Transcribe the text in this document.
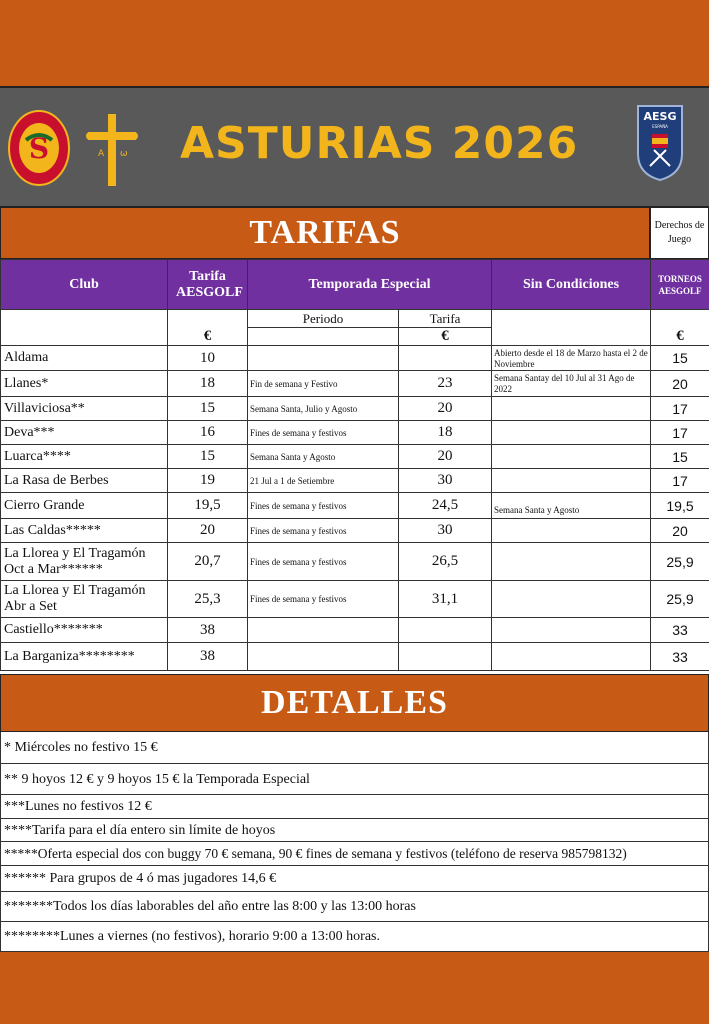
S	A ω ASTURIAS 2026
AESG
ESPAÑA
TARIFAS	Derechos de Juego
Club	Tarifa AESGOLF	Temporada Especial		Sin Condiciones	TORNEOS AESGOLF
		Periodo	Tarifa		
	€		€		€
Aldama	10			Abierto desde el 18 de Marzo hasta el 2 de Noviembre	15
Llanes*	18	Fin de semana y Festivo	23	Semana Santay del 10 Jul al 31 Ago de 2022	20
Villaviciosa**	15	Semana Santa, Julio y Agosto	20		17
Deva***	16	Fines de semana y festivos	18		17
Luarca****	15	Semana Santa y Agosto	20		15
La Rasa de Berbes	19	21 Jul a 1 de Setiembre	30		17
Cierro Grande	19,5	Fines de semana y festivos	24,5	Semana Santa y Agosto	19,5
Las Caldas*****	20	Fines de semana y festivos	30		20
La Llorea y El Tragamón Oct a Mar******	20,7	Fines de semana y festivos	26,5		25,9
La Llorea y El Tragamón Abr a Set	25,3	Fines de semana y festivos	31,1		25,9
Castiello*******	38				33
La Barganiza********	38				33
DETALLES
* Miércoles no festivo 15 €
** 9 hoyos 12 € y 9 hoyos 15 € la Temporada Especial
***Lunes no festivos 12 €
****Tarifa para el día entero sin límite de hoyos
*****Oferta especial dos con buggy 70 € semana, 90 € fines de semana y festivos (teléfono de reserva 985798132)
****** Para grupos de 4 ó mas jugadores 14,6 €
*******Todos los días laborables del año entre las 8:00 y las 13:00 horas
********Lunes a viernes (no festivos), horario 9:00 a 13:00 horas.
